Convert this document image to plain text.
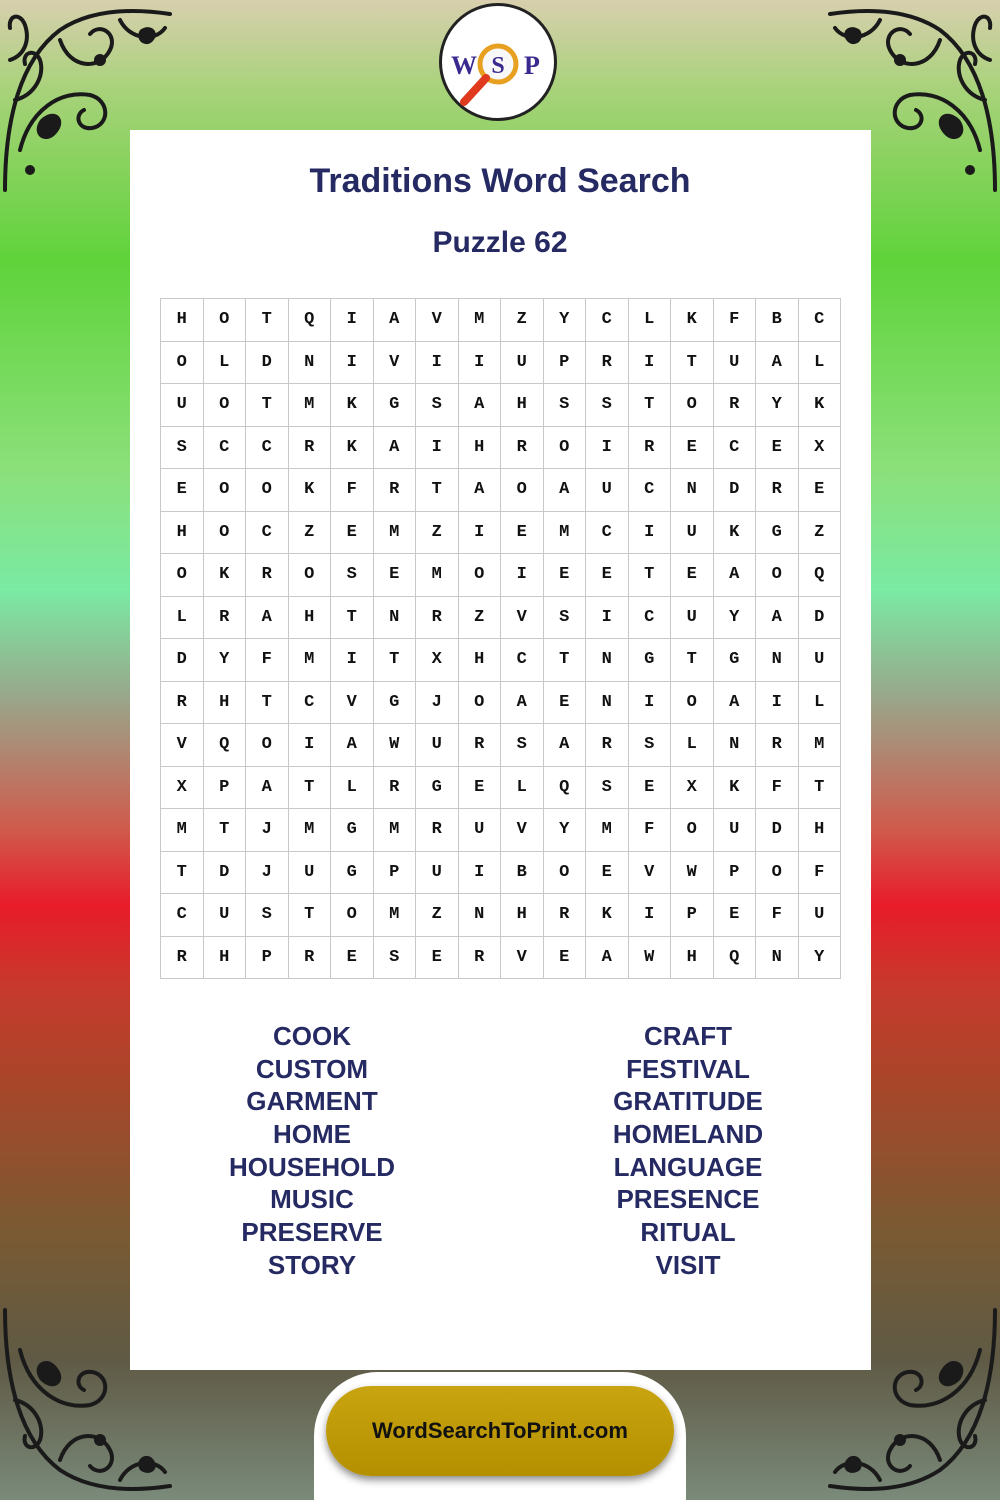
W S P
Traditions Word Search
Puzzle 62
H	O	T	Q	I	A	V	M	Z	Y	C	L	K	F	B	C
O	L	D	N	I	V	I	I	U	P	R	I	T	U	A	L
U	O	T	M	K	G	S	A	H	S	S	T	O	R	Y	K
S	C	C	R	K	A	I	H	R	O	I	R	E	C	E	X
E	O	O	K	F	R	T	A	O	A	U	C	N	D	R	E
H	O	C	Z	E	M	Z	I	E	M	C	I	U	K	G	Z
O	K	R	O	S	E	M	O	I	E	E	T	E	A	O	Q
L	R	A	H	T	N	R	Z	V	S	I	C	U	Y	A	D
D	Y	F	M	I	T	X	H	C	T	N	G	T	G	N	U
R	H	T	C	V	G	J	O	A	E	N	I	O	A	I	L
V	Q	O	I	A	W	U	R	S	A	R	S	L	N	R	M
X	P	A	T	L	R	G	E	L	Q	S	E	X	K	F	T
M	T	J	M	G	M	R	U	V	Y	M	F	O	U	D	H
T	D	J	U	G	P	U	I	B	O	E	V	W	P	O	F
C	U	S	T	O	M	Z	N	H	R	K	I	P	E	F	U
R	H	P	R	E	S	E	R	V	E	A	W	H	Q	N	Y
COOK
CUSTOM
GARMENT
HOME
HOUSEHOLD
MUSIC
PRESERVE
STORY
CRAFT
FESTIVAL
GRATITUDE
HOMELAND
LANGUAGE
PRESENCE
RITUAL
VISIT
WordSearchToPrint.com
